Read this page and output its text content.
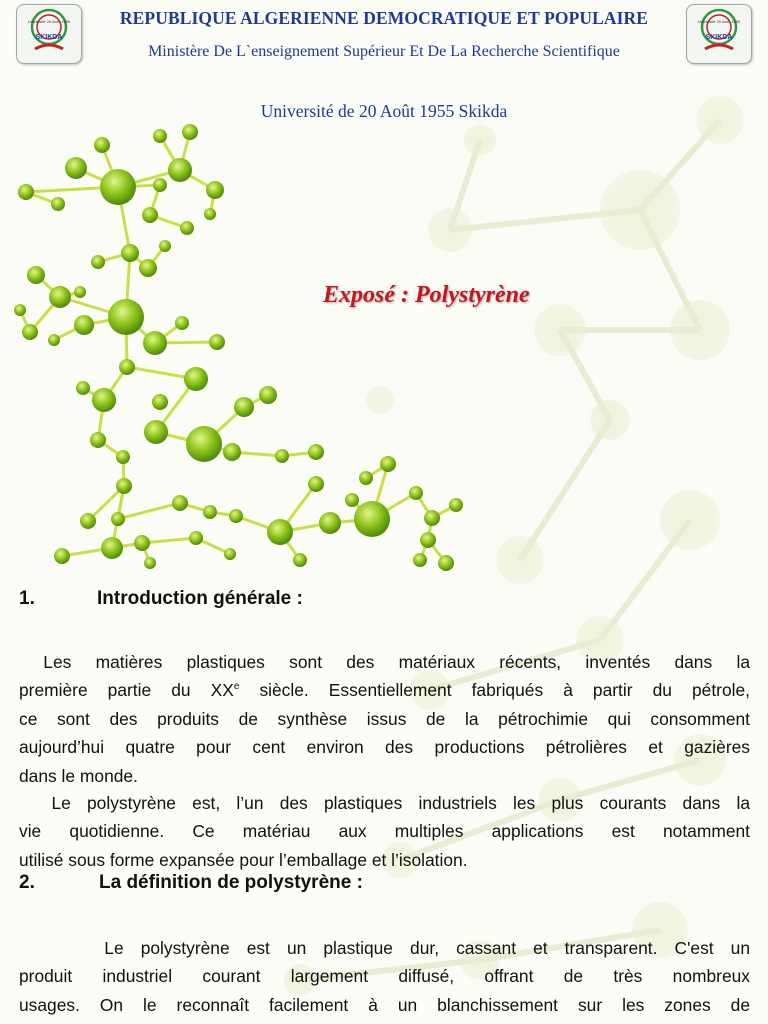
Université 20 Août 1955
SKIKDA
Université 20 Août 1955
SKIKDA
REPUBLIQUE ALGERIENNE DEMOCRATIQUE ET POPULAIRE
Ministère De L`enseignement Supérieur Et De La Recherche Scientifique
Université de 20 Août 1955 Skikda
Exposé : Polystyrène
1.	Introduction générale :
Les matières plastiques sont des matériaux récents, inventés dans la
première partie du XXe siècle. Essentiellement fabriqués à partir du pétrole,
ce sont des produits de synthèse issus de la pétrochimie qui consomment
aujourd’hui quatre pour cent environ des productions pétrolières et gazières
dans le monde.
Le polystyrène est, l’un des plastiques industriels les plus courants dans la
vie quotidienne. Ce matériau aux multiples applications est notamment
utilisé sous forme expansée pour l’emballage et l’isolation.
2.	La définition de polystyrène :
Le polystyrène est un plastique dur, cassant et transparent. C'est un
produit industriel courant largement diffusé, offrant de très nombreux
usages. On le reconnaît facilement à un blanchissement sur les zones de
